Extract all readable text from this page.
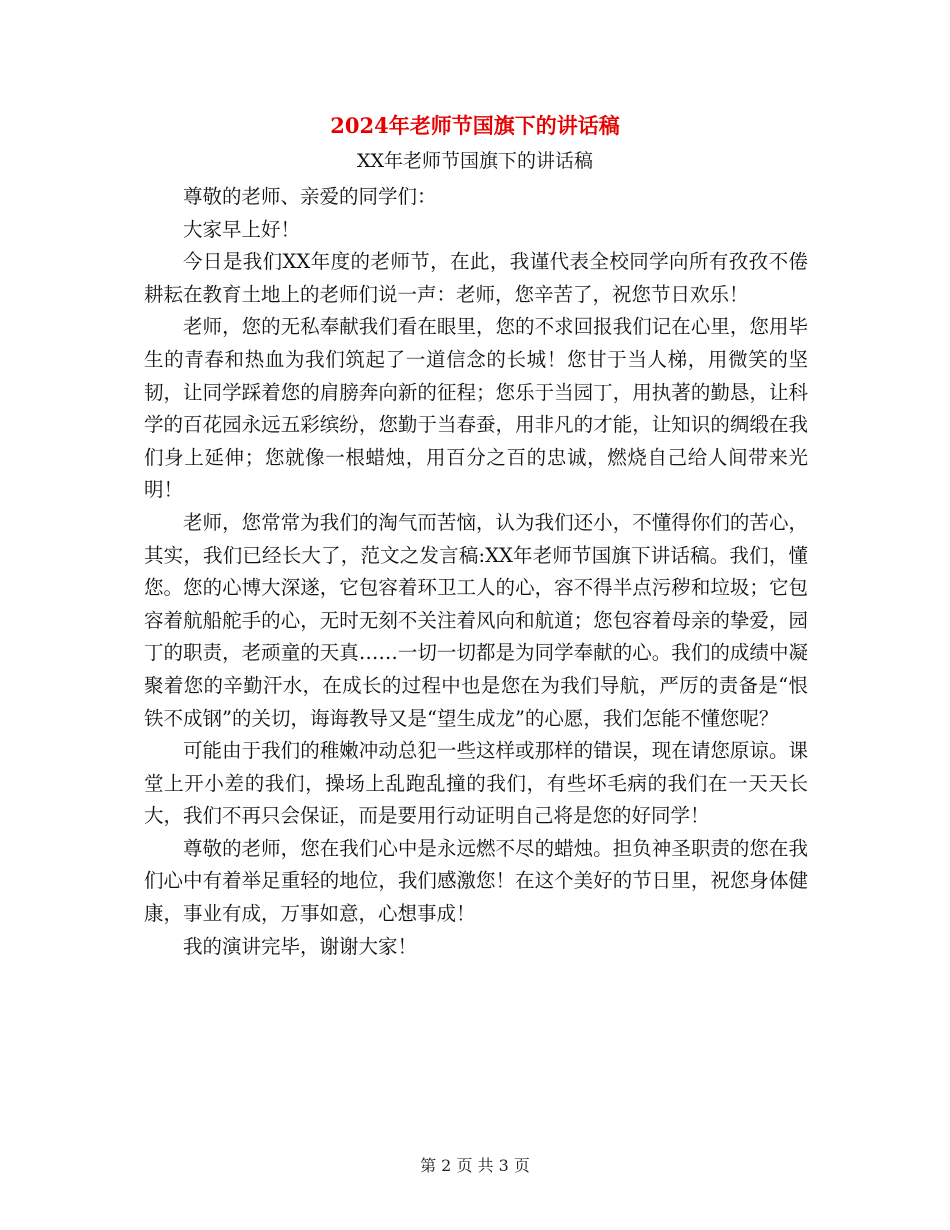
2024年老师节国旗下的讲话稿
XX年老师节国旗下的讲话稿

尊敬的老师、亲爱的同学们：

大家早上好！

今日是我们XX年度的老师节，在此，我谨代表全校同学向所有孜孜不倦耕耘在教育土地上的老师们说一声：老师，您辛苦了，祝您节日欢乐！

老师，您的无私奉献我们看在眼里，您的不求回报我们记在心里，您用毕生的青春和热血为我们筑起了一道信念的长城！您甘于当人梯，用微笑的坚韧，让同学踩着您的肩膀奔向新的征程；您乐于当园丁，用执著的勤恳，让科学的百花园永远五彩缤纷，您勤于当春蚕，用非凡的才能，让知识的绸缎在我们身上延伸；您就像一根蜡烛，用百分之百的忠诚，燃烧自己给人间带来光明！

老师，您常常为我们的淘气而苦恼，认为我们还小，不懂得你们的苦心，其实，我们已经长大了，范文之发言稿:XX年老师节国旗下讲话稿。我们，懂您。您的心博大深遂，它包容着环卫工人的心，容不得半点污秽和垃圾；它包容着航船舵手的心，无时无刻不关注着风向和航道；您包容着母亲的挚爱，园丁的职责，老顽童的天真……一切一切都是为同学奉献的心。我们的成绩中凝聚着您的辛勤汗水，在成长的过程中也是您在为我们导航，严厉的责备是“恨铁不成钢”的关切，诲诲教导又是“望生成龙”的心愿，我们怎能不懂您呢？

可能由于我们的稚嫩冲动总犯一些这样或那样的错误，现在请您原谅。课堂上开小差的我们，操场上乱跑乱撞的我们，有些坏毛病的我们在一天天长大，我们不再只会保证，而是要用行动证明自己将是您的好同学！

尊敬的老师，您在我们心中是永远燃不尽的蜡烛。担负神圣职责的您在我们心中有着举足重轻的地位，我们感激您！在这个美好的节日里，祝您身体健康，事业有成，万事如意，心想事成！

我的演讲完毕，谢谢大家！

第 2 页 共 3 页
